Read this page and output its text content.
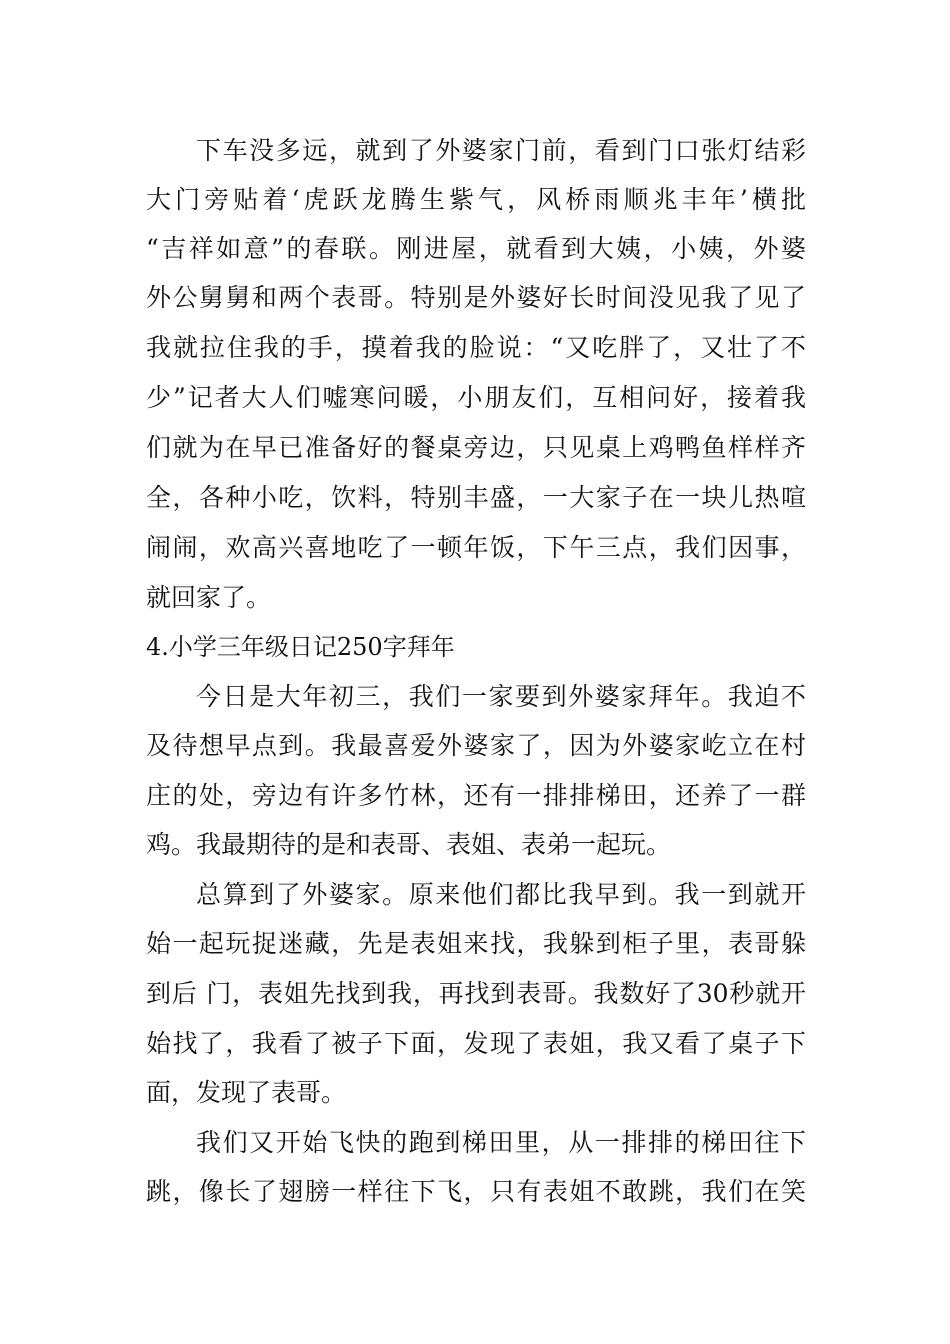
下车没多远，就到了外婆家门前，看到门口张灯结彩
大门旁贴着‘虎跃龙腾生紫气，风桥雨顺兆丰年’横批
“吉祥如意”的春联。刚进屋，就看到大姨，小姨，外婆
外公舅舅和两个表哥。特别是外婆好长时间没见我了见了
我就拉住我的手，摸着我的脸说：“又吃胖了，又壮了不
少”记者大人们嘘寒问暖，小朋友们，互相问好，接着我
们就为在早已准备好的餐桌旁边，只见桌上鸡鸭鱼样样齐
全，各种小吃，饮料，特别丰盛，一大家子在一块儿热喧
闹闹，欢高兴喜地吃了一顿年饭，下午三点，我们因事，
就回家了。
4.小学三年级日记250字拜年
今日是大年初三，我们一家要到外婆家拜年。我迫不
及待想早点到。我最喜爱外婆家了，因为外婆家屹立在村
庄的处，旁边有许多竹林，还有一排排梯田，还养了一群
鸡。我最期待的是和表哥、表姐、表弟一起玩。
总算到了外婆家。原来他们都比我早到。我一到就开
始一起玩捉迷藏，先是表姐来找，我躲到柜子里，表哥躲
到后 门，表姐先找到我，再找到表哥。我数好了30秒就开
始找了，我看了被子下面，发现了表姐，我又看了桌子下
面，发现了表哥。
我们又开始飞快的跑到梯田里，从一排排的梯田往下
跳，像长了翅膀一样往下飞，只有表姐不敢跳，我们在笑
